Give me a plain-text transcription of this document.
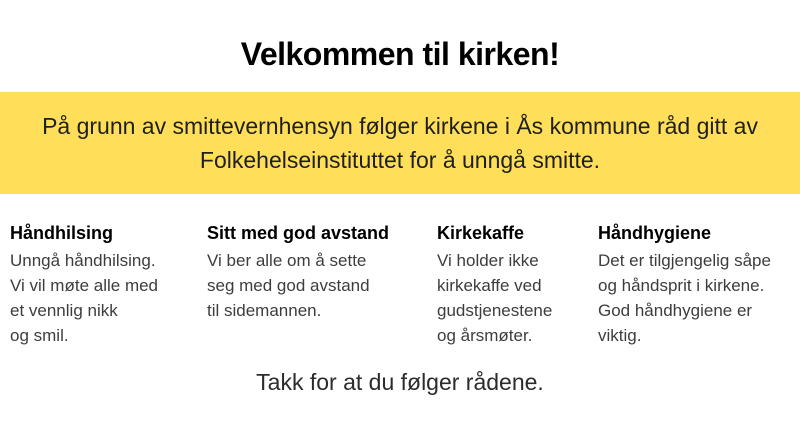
Velkommen til kirken!
På grunn av smittevernhensyn følger kirkene i Ås kommune råd gitt av
Folkehelseinstituttet for å unngå smitte.
Håndhilsing
Unngå håndhilsing.
Vi vil møte alle med
et vennlig nikk
og smil.
Sitt med god avstand
Vi ber alle om å sette
seg med god avstand
til sidemannen.
Kirkekaffe
Vi holder ikke
kirkekaffe ved
gudstjenestene
og årsmøter.
Håndhygiene
Det er tilgjengelig såpe
og håndsprit i kirkene.
God håndhygiene er
viktig.
Takk for at du følger rådene.
